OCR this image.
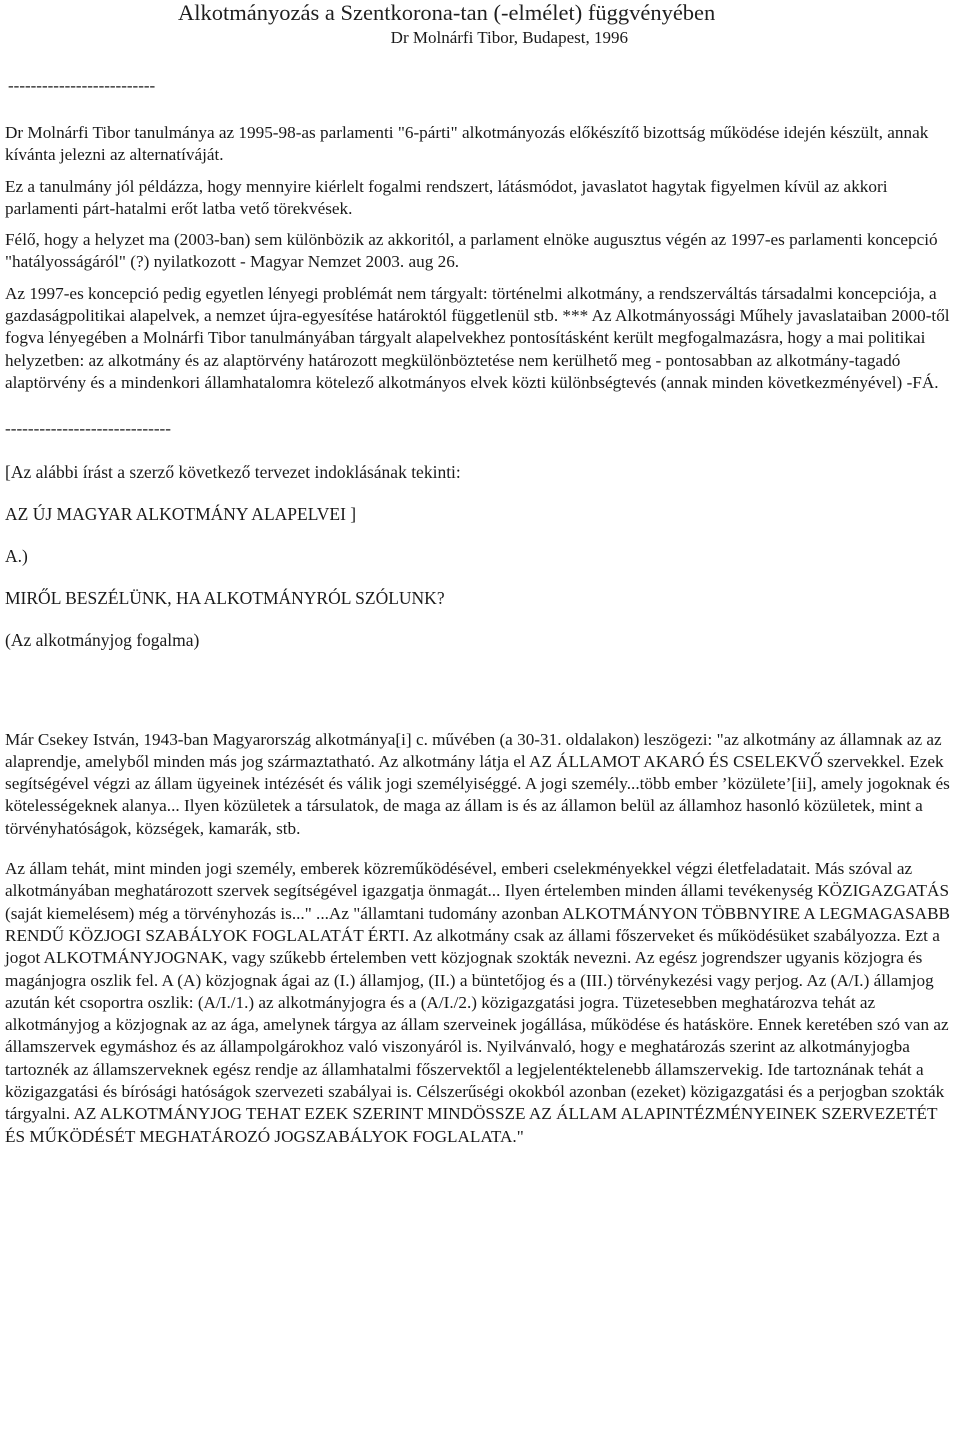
Alkotmányozás a Szentkorona-tan (-elmélet) függvényében
Dr Molnárfi Tibor, Budapest, 1996
--------------------------

Dr Molnárfi Tibor tanulmánya az 1995-98-as parlamenti "6-párti" alkotmányozás előkészítő bizottság működése idején készült, annak kívánta jelezni az alternatíváját.

Ez a tanulmány jól példázza, hogy mennyire kiérlelt fogalmi rendszert, látásmódot, javaslatot hagytak figyelmen kívül az akkori parlamenti párt-hatalmi erőt latba vető törekvések.

Félő, hogy a helyzet ma (2003-ban) sem különbözik az akkoritól, a parlament elnöke augusztus végén az 1997-es parlamenti koncepció "hatályosságáról" (?) nyilatkozott - Magyar Nemzet 2003. aug 26.

Az 1997-es koncepció pedig egyetlen lényegi problémát nem tárgyalt: történelmi alkotmány, a rendszerváltás társadalmi koncepciója, a gazdaságpolitikai alapelvek, a nemzet újra-egyesítése határoktól függetlenül stb. *** Az Alkotmányossági Műhely javaslataiban 2000-től fogva lényegében a Molnárfi Tibor tanulmányában tárgyalt alapelvekhez pontosításként került megfogalmazásra, hogy a mai politikai helyzetben: az alkotmány és az alaptörvény határozott megkülönböztetése nem kerülhető meg - pontosabban az alkotmány-tagadó alaptörvény és a mindenkori államhatalomra kötelező alkotmányos elvek közti különbségtevés (annak minden következményével) -FÁ.

-----------------------------
[Az alábbi írást a szerző következő tervezet indoklásának tekinti:
AZ ÚJ MAGYAR ALKOTMÁNY ALAPELVEI ]
A.)
MIRŐL BESZÉLÜNK, HA ALKOTMÁNYRÓL SZÓLUNK?
(Az alkotmányjog fogalma)

Már Csekey István, 1943-ban Magyarország alkotmánya[i] c. művében (a 30-31. oldalakon) leszögezi: "az alkotmány az államnak az az alaprendje, amelyből minden más jog származtatható. Az alkotmány látja el AZ ÁLLAMOT AKARÓ ÉS CSELEKVŐ szervekkel. Ezek segítségével végzi az állam ügyeinek intézését és válik jogi személyiséggé. A jogi személy...több ember ’közülete’[ii], amely jogoknak és kötelességeknek alanya... Ilyen közületek a társulatok, de maga az állam is és az államon belül az államhoz hasonló közületek, mint a törvényhatóságok, községek, kamarák, stb.

Az állam tehát, mint minden jogi személy, emberek közreműködésével, emberi cselekményekkel végzi életfeladatait. Más szóval az alkotmányában meghatározott szervek segítségével igazgatja önmagát... Ilyen értelemben minden állami tevékenység KÖZIGAZGATÁS (saját kiemelésem) még a törvényhozás is..." ...Az "államtani tudomány azonban ALKOTMÁNYON TÖBBNYIRE A LEGMAGASABB RENDŰ KÖZJOGI SZABÁLYOK FOGLALATÁT ÉRTI. Az alkotmány csak az állami főszerveket és működésüket szabályozza. Ezt a jogot ALKOTMÁNYJOGNAK, vagy szűkebb értelemben vett közjognak szokták nevezni. Az egész jogrendszer ugyanis közjogra és magánjogra oszlik fel. A (A) közjognak ágai az (I.) államjog, (II.) a büntetőjog és a (III.) törvénykezési vagy perjog. Az (A/I.) államjog azután két csoportra oszlik: (A/I./1.) az alkotmányjogra és a (A/I./2.) közigazgatási jogra. Tüzetesebben meghatározva tehát az alkotmányjog a közjognak az az ága, amelynek tárgya az állam szerveinek jogállása, működése és hatásköre. Ennek keretében szó van az államszervek egymáshoz és az állampolgárokhoz való viszonyáról is. Nyilvánvaló, hogy e meghatározás szerint az alkotmányjogba tartoznék az államszerveknek egész rendje az államhatalmi főszervektől a legjelentéktelenebb államszervekig. Ide tartoznának tehát a közigazgatási és bírósági hatóságok szervezeti szabályai is. Célszerűségi okokból azonban (ezeket) közigazgatási és a perjogban szokták tárgyalni. AZ ALKOTMÁNYJOG TEHAT EZEK SZERINT MINDÖSSZE AZ ÁLLAM ALAPINTÉZMÉNYEINEK SZERVEZETÉT ÉS MŰKÖDÉSÉT MEGHATÁROZÓ JOGSZABÁLYOK FOGLALATA."
